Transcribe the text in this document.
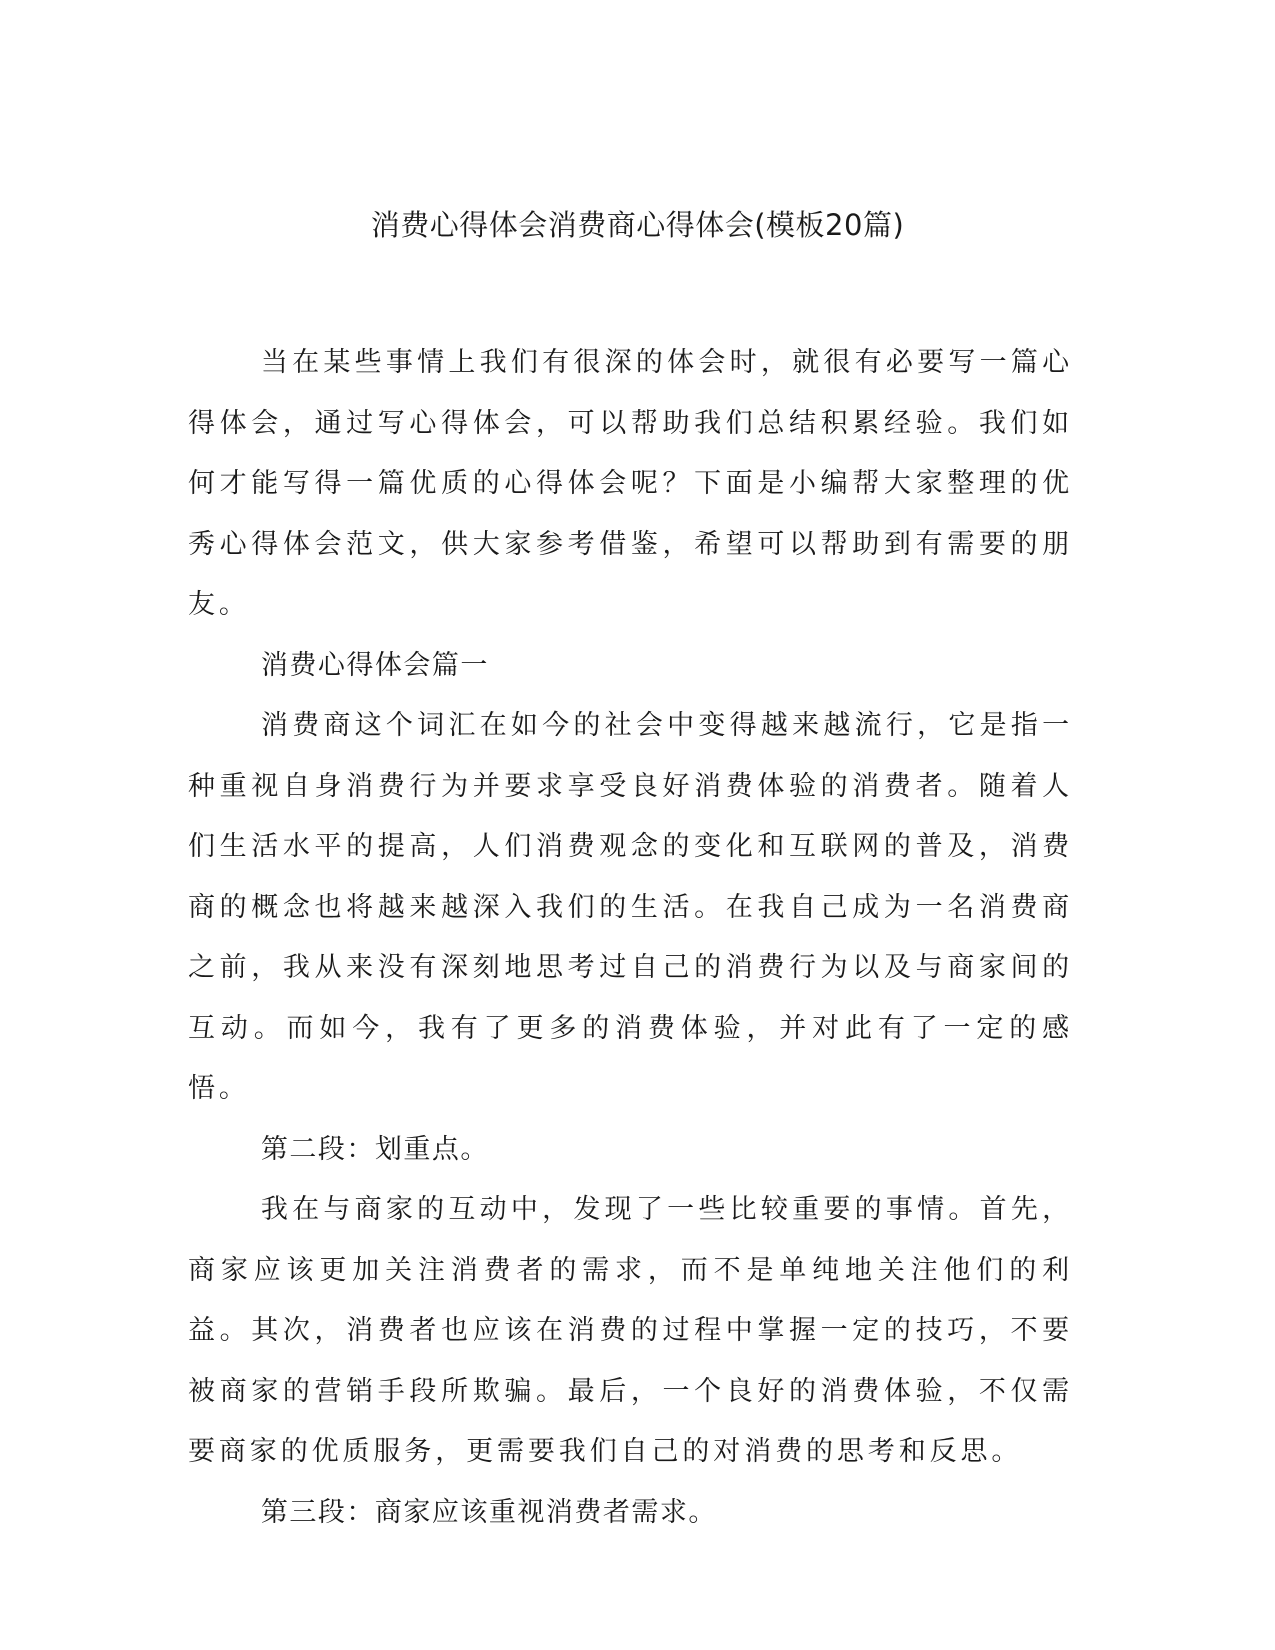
消费心得体会消费商心得体会(模板20篇)

当在某些事情上我们有很深的体会时，就很有必要写一篇心得体会，通过写心得体会，可以帮助我们总结积累经验。我们如何才能写得一篇优质的心得体会呢？下面是小编帮大家整理的优秀心得体会范文，供大家参考借鉴，希望可以帮助到有需要的朋友。

消费心得体会篇一

消费商这个词汇在如今的社会中变得越来越流行，它是指一种重视自身消费行为并要求享受良好消费体验的消费者。随着人们生活水平的提高，人们消费观念的变化和互联网的普及，消费商的概念也将越来越深入我们的生活。在我自己成为一名消费商之前，我从来没有深刻地思考过自己的消费行为以及与商家间的互动。而如今，我有了更多的消费体验，并对此有了一定的感悟。

第二段：划重点。

我在与商家的互动中，发现了一些比较重要的事情。首先，商家应该更加关注消费者的需求，而不是单纯地关注他们的利益。其次，消费者也应该在消费的过程中掌握一定的技巧，不要被商家的营销手段所欺骗。最后，一个良好的消费体验，不仅需要商家的优质服务，更需要我们自己的对消费的思考和反思。

第三段：商家应该重视消费者需求。
